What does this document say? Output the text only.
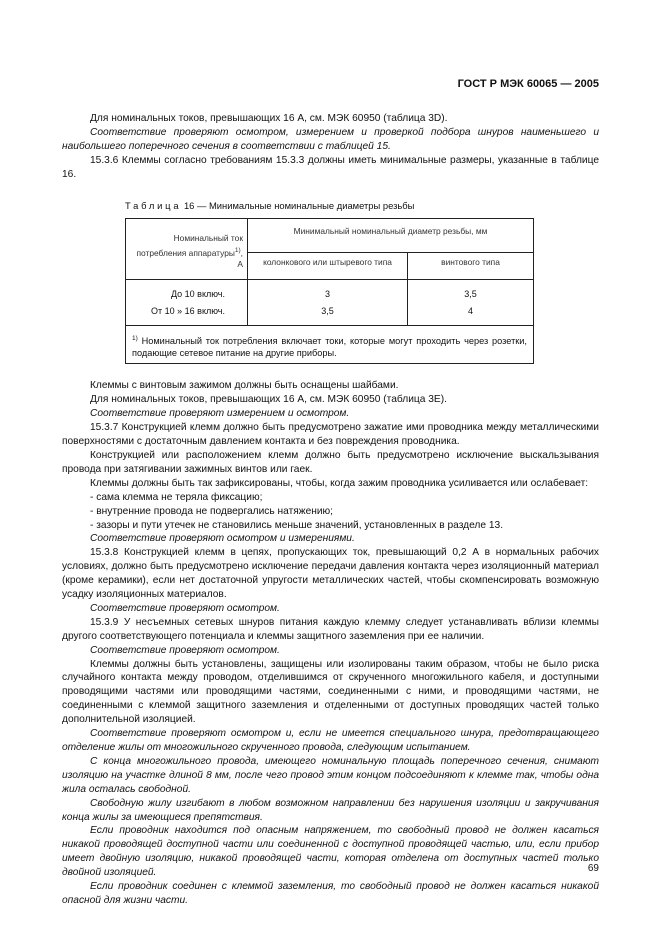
ГОСТ Р МЭК 60065 — 2005

Для номинальных токов, превышающих 16 А, см. МЭК 60950 (таблица 3D).

Соответствие проверяют осмотром, измерением и проверкой подбора шнуров наименьшего и наибольшего поперечного сечения в соответствии с таблицей 15.

15.3.6 Клеммы согласно требованиям 15.3.3 должны иметь минимальные размеры, указанные в таблице 16.

Таблица 16 — Минимальные номинальные диаметры резьбы
Номинальный ток потребления аппаратуры$^{1)}$, А	Минимальный номинальный диаметр резьбы, мм	
	колонкового или штыревого типа	винтового типа
До 10 включ.	3	3,5
От 10 » 16 включ.	3,5	4
$^{1)}$ Номинальный ток потребления включает токи, которые могут проходить через розетки, подающие сетевое питание на другие приборы.		

Клеммы с винтовым зажимом должны быть оснащены шайбами.

Для номинальных токов, превышающих 16 А, см. МЭК 60950 (таблица 3Е).

Соответствие проверяют измерением и осмотром.

15.3.7 Конструкцией клемм должно быть предусмотрено зажатие ими проводника между металлическими поверхностями с достаточным давлением контакта и без повреждения проводника.

Конструкцией или расположением клемм должно быть предусмотрено исключение выскальзывания провода при затягивании зажимных винтов или гаек.

Клеммы должны быть так зафиксированы, чтобы, когда зажим проводника усиливается или ослабевает:

- сама клемма не теряла фиксацию;

- внутренние провода не подвергались натяжению;

- зазоры и пути утечек не становились меньше значений, установленных в разделе 13.

Соответствие проверяют осмотром и измерениями.

15.3.8 Конструкцией клемм в цепях, пропускающих ток, превышающий 0,2 А в нормальных рабочих условиях, должно быть предусмотрено исключение передачи давления контакта через изоляционный материал (кроме керамики), если нет достаточной упругости металлических частей, чтобы скомпенсировать возможную усадку изоляционных материалов.

Соответствие проверяют осмотром.

15.3.9 У несъемных сетевых шнуров питания каждую клемму следует устанавливать вблизи клеммы другого соответствующего потенциала и клеммы защитного заземления при ее наличии.

Соответствие проверяют осмотром.

Клеммы должны быть установлены, защищены или изолированы таким образом, чтобы не было риска случайного контакта между проводом, отделившимся от скрученного многожильного кабеля, и доступными проводящими частями или проводящими частями, соединенными с ними, и проводящими частями, не соединенными с клеммой защитного заземления и отделенными от доступных проводящих частей только дополнительной изоляцией.

Соответствие проверяют осмотром и, если не имеется специального шнура, предотвращающего отделение жилы от многожильного скрученного провода, следующим испытанием.

С конца многожильного провода, имеющего номинальную площадь поперечного сечения, снимают изоляцию на участке длиной 8 мм, после чего провод этим концом подсоединяют к клемме так, чтобы одна жила осталась свободной.

Свободную жилу изгибают в любом возможном направлении без нарушения изоляции и закручивания конца жилы за имеющиеся препятствия.

Если проводник находится под опасным напряжением, то свободный провод не должен касаться никакой проводящей доступной части или соединенной с доступной проводящей частью, или, если прибор имеет двойную изоляцию, никакой проводящей части, которая отделена от доступных частей только двойной изоляцией.

Если проводник соединен с клеммой заземления, то свободный провод не должен касаться никакой опасной для жизни части.

69
